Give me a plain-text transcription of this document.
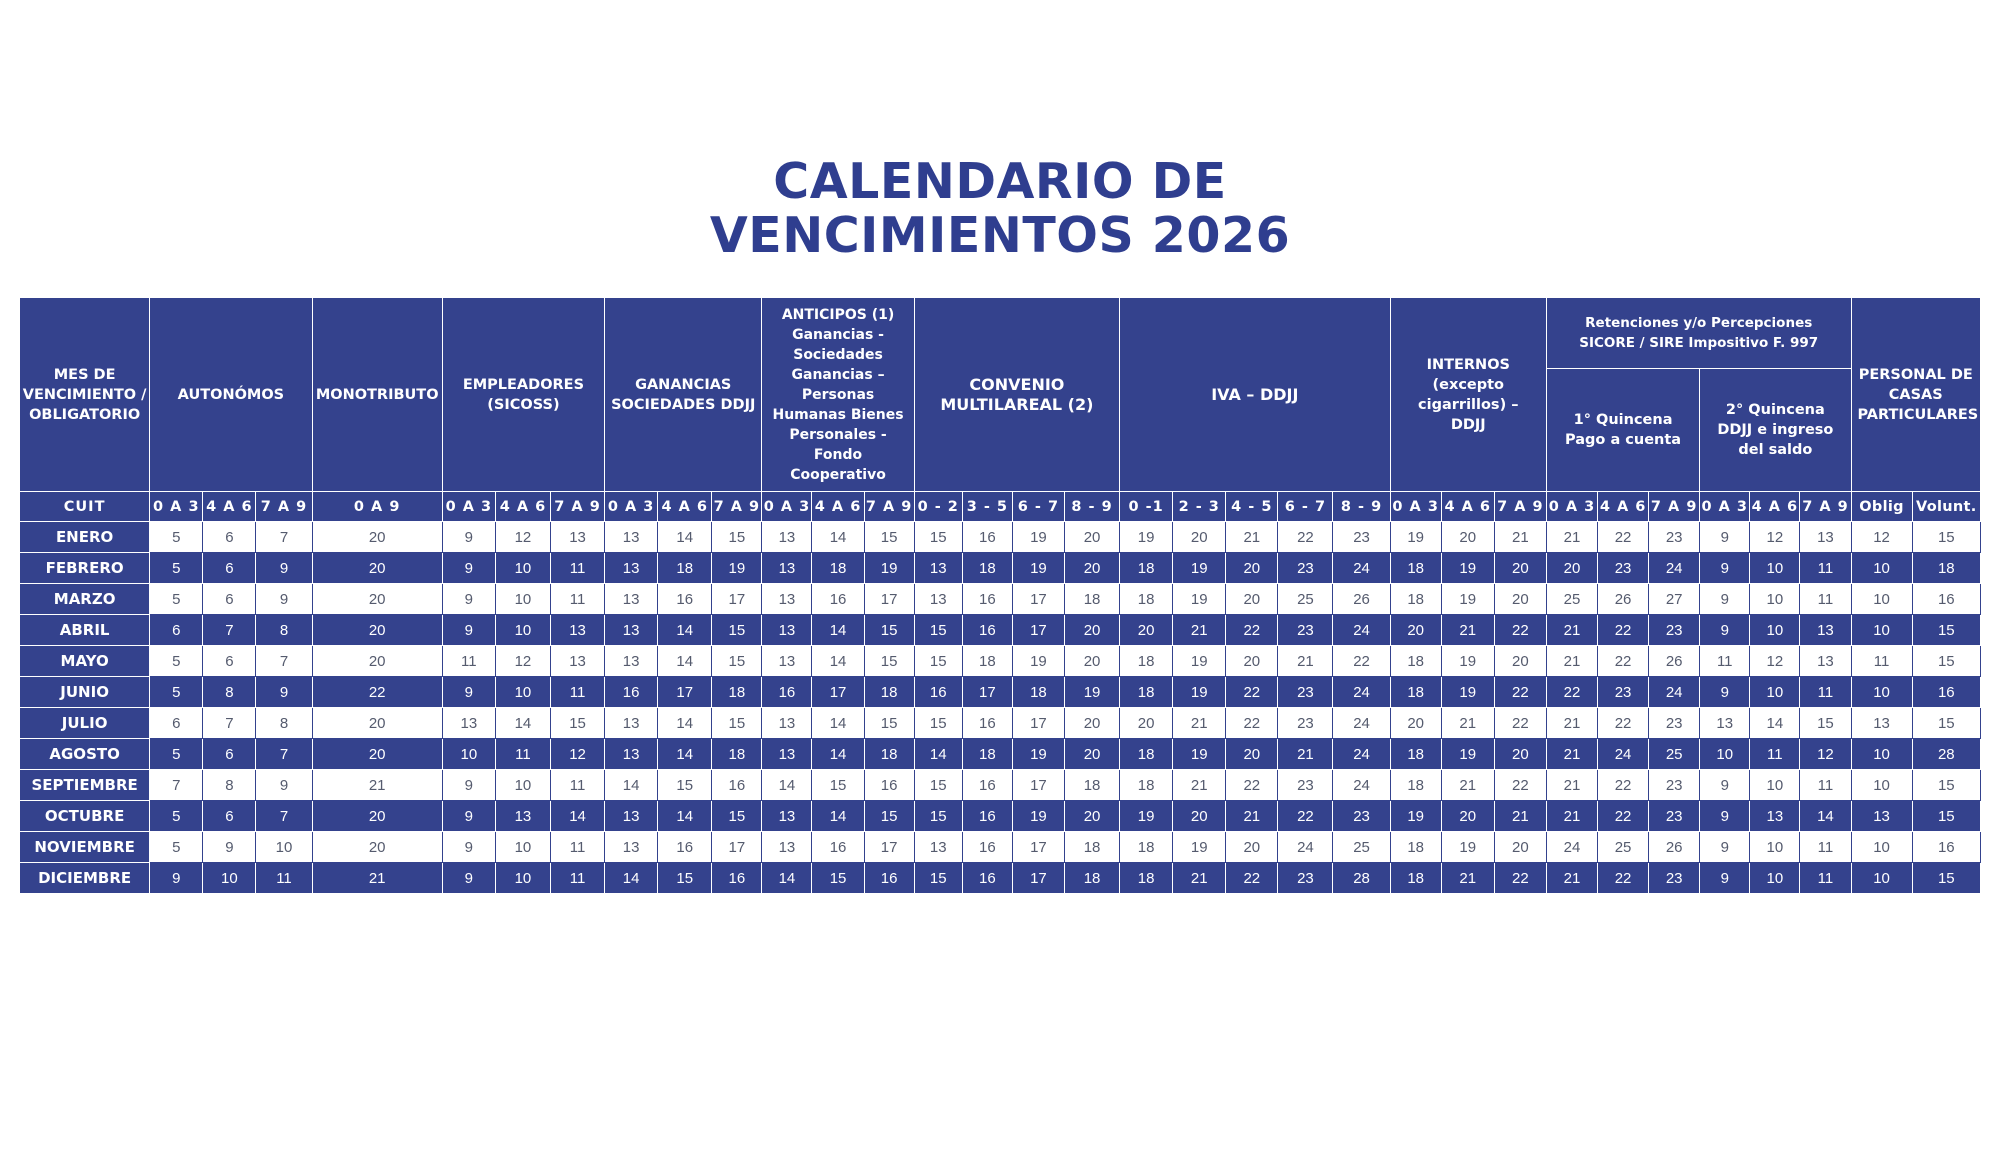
CALENDARIO DE
VENCIMIENTOS 2026
MES DE VENCIMIENTO / OBLIGATORIO	AUTONÓMOS			MONOTRIBUTO	EMPLEADORES (SICOSS)			GANANCIAS SOCIEDADES DDJJ			ANTICIPOS (1) Ganancias - Sociedades Ganancias – Personas Humanas Bienes Personales - Fondo Cooperativo			CONVENIO MULTILAREAL (2)				IVA – DDJJ					INTERNOS (excepto cigarrillos) – DDJJ			Retenciones y/o Percepciones SICORE / SIRE Impositivo F. 997						PERSONAL DE CASAS PARTICULARES	
																										1° Quincena Pago a cuenta			2° Quincena DDJJ e ingreso del saldo				
CUIT	0 A 3	4 A 6	7 A 9	0 A 9	0 A 3	4 A 6	7 A 9	0 A 3	4 A 6	7 A 9	0 A 3	4 A 6	7 A 9	0 - 2	3 - 5	6 - 7	8 - 9	0 -1	2 - 3	4 - 5	6 - 7	8 - 9	0 A 3	4 A 6	7 A 9	0 A 3	4 A 6	7 A 9	0 A 3	4 A 6	7 A 9	Oblig	Volunt.
ENERO	5	6	7	20	9	12	13	13	14	15	13	14	15	15	16	19	20	19	20	21	22	23	19	20	21	21	22	23	9	12	13	12	15
FEBRERO	5	6	9	20	9	10	11	13	18	19	13	18	19	13	18	19	20	18	19	20	23	24	18	19	20	20	23	24	9	10	11	10	18
MARZO	5	6	9	20	9	10	11	13	16	17	13	16	17	13	16	17	18	18	19	20	25	26	18	19	20	25	26	27	9	10	11	10	16
ABRIL	6	7	8	20	9	10	13	13	14	15	13	14	15	15	16	17	20	20	21	22	23	24	20	21	22	21	22	23	9	10	13	10	15
MAYO	5	6	7	20	11	12	13	13	14	15	13	14	15	15	18	19	20	18	19	20	21	22	18	19	20	21	22	26	11	12	13	11	15
JUNIO	5	8	9	22	9	10	11	16	17	18	16	17	18	16	17	18	19	18	19	22	23	24	18	19	22	22	23	24	9	10	11	10	16
JULIO	6	7	8	20	13	14	15	13	14	15	13	14	15	15	16	17	20	20	21	22	23	24	20	21	22	21	22	23	13	14	15	13	15
AGOSTO	5	6	7	20	10	11	12	13	14	18	13	14	18	14	18	19	20	18	19	20	21	24	18	19	20	21	24	25	10	11	12	10	28
SEPTIEMBRE	7	8	9	21	9	10	11	14	15	16	14	15	16	15	16	17	18	18	21	22	23	24	18	21	22	21	22	23	9	10	11	10	15
OCTUBRE	5	6	7	20	9	13	14	13	14	15	13	14	15	15	16	19	20	19	20	21	22	23	19	20	21	21	22	23	9	13	14	13	15
NOVIEMBRE	5	9	10	20	9	10	11	13	16	17	13	16	17	13	16	17	18	18	19	20	24	25	18	19	20	24	25	26	9	10	11	10	16
DICIEMBRE	9	10	11	21	9	10	11	14	15	16	14	15	16	15	16	17	18	18	21	22	23	28	18	21	22	21	22	23	9	10	11	10	15
